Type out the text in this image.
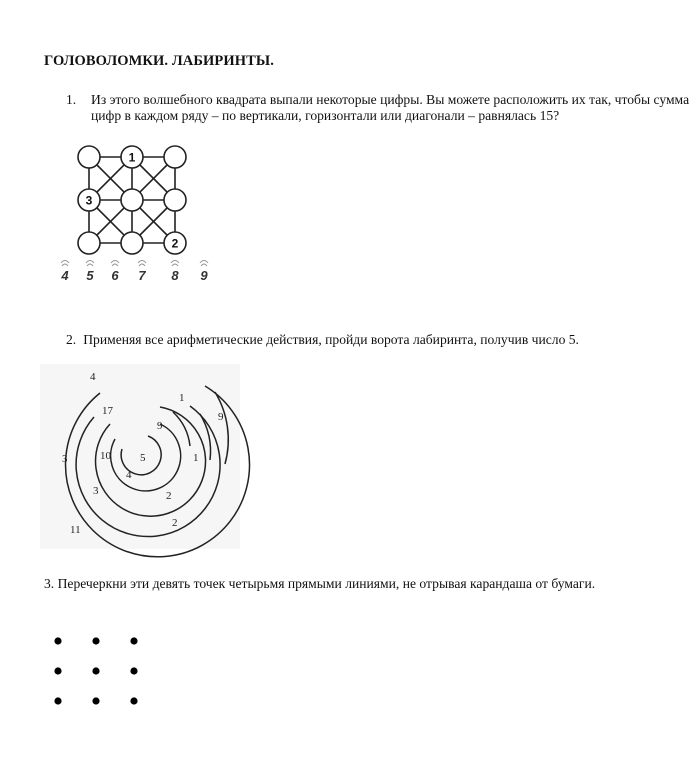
ГОЛОВОЛОМКИ. ЛАБИРИНТЫ.
1. Из этого волшебного квадрата выпали некоторые цифры. Вы можете расположить их так, чтобы сумма цифр в каждом ряду – по вертикали, горизонтали или диагонали – равнялась 15?
1
3
2
4 5 6 7 8 9
2. Применяя все арифметические действия, пройди ворота лабиринта, получив число 5.
4
1
9
17
9
3	10	5
4
1
3	2
11
2
3. Перечеркни эти девять точек четырьмя прямыми линиями, не отрывая карандаша от бумаги.
